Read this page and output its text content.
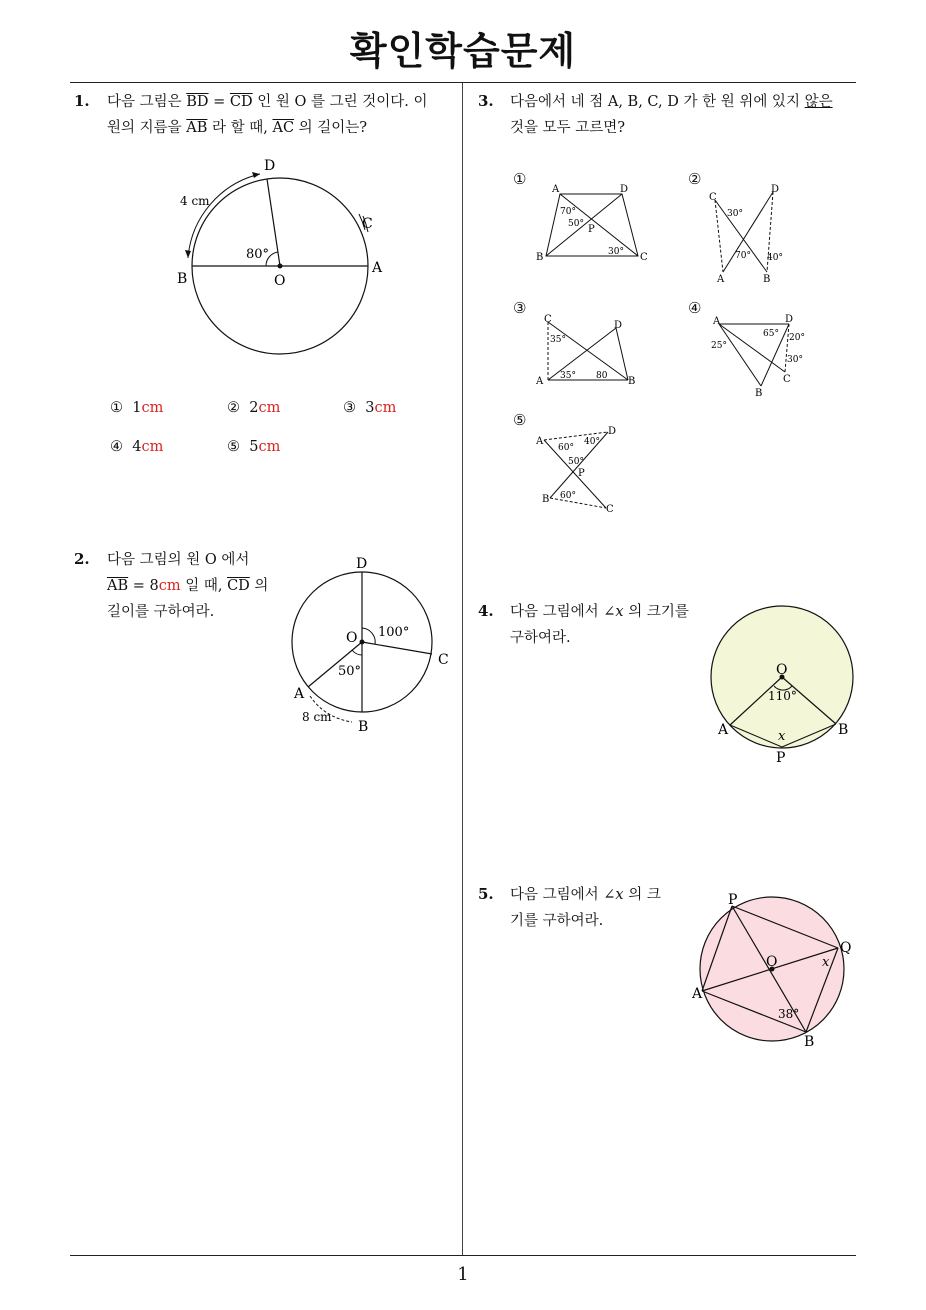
확인학습문제
1
1. 다음 그림은 $\overline{BD} = \overline{CD}$ 인 원 O 를 그린 것이다. 이
원의 지름을 $\overline{AB}$ 라 할 때, $\overline{AC}$ 의 길이는?
D
C
B	O
A
4 cm
80°
① 1cm	② 2cm	③ 3cm
④ 4cm	⑤ 5cm
2. 다음 그림의 원 O 에서
$\overline{AB} = 8cm$ 일 때, $\overline{CD}$ 의
길이를 구하여라.
D
O
C
A
B
100°
50°
8 cm
3. 다음에서 네 점 A, B, C, D 가 한 원 위에 있지 않은
것을 모두 고르면?
①	②
③	④
⑤
A	D
B	C
P
70°
50°
30°
C
D
A	B
30°
70° 40°
C
D
A	B
35°
35° 80
A	D
C
B
65° 20°
25°
30°
A
D
P
B
C
60°
40°
50°
60°
4. 다음 그림에서 ∠x 의 크기를
구하여라.
O
A	B
P
110°
x
5. 다음 그림에서 ∠x 의 크
기를 구하여라.
P
Q
O
A
B
x
38°
